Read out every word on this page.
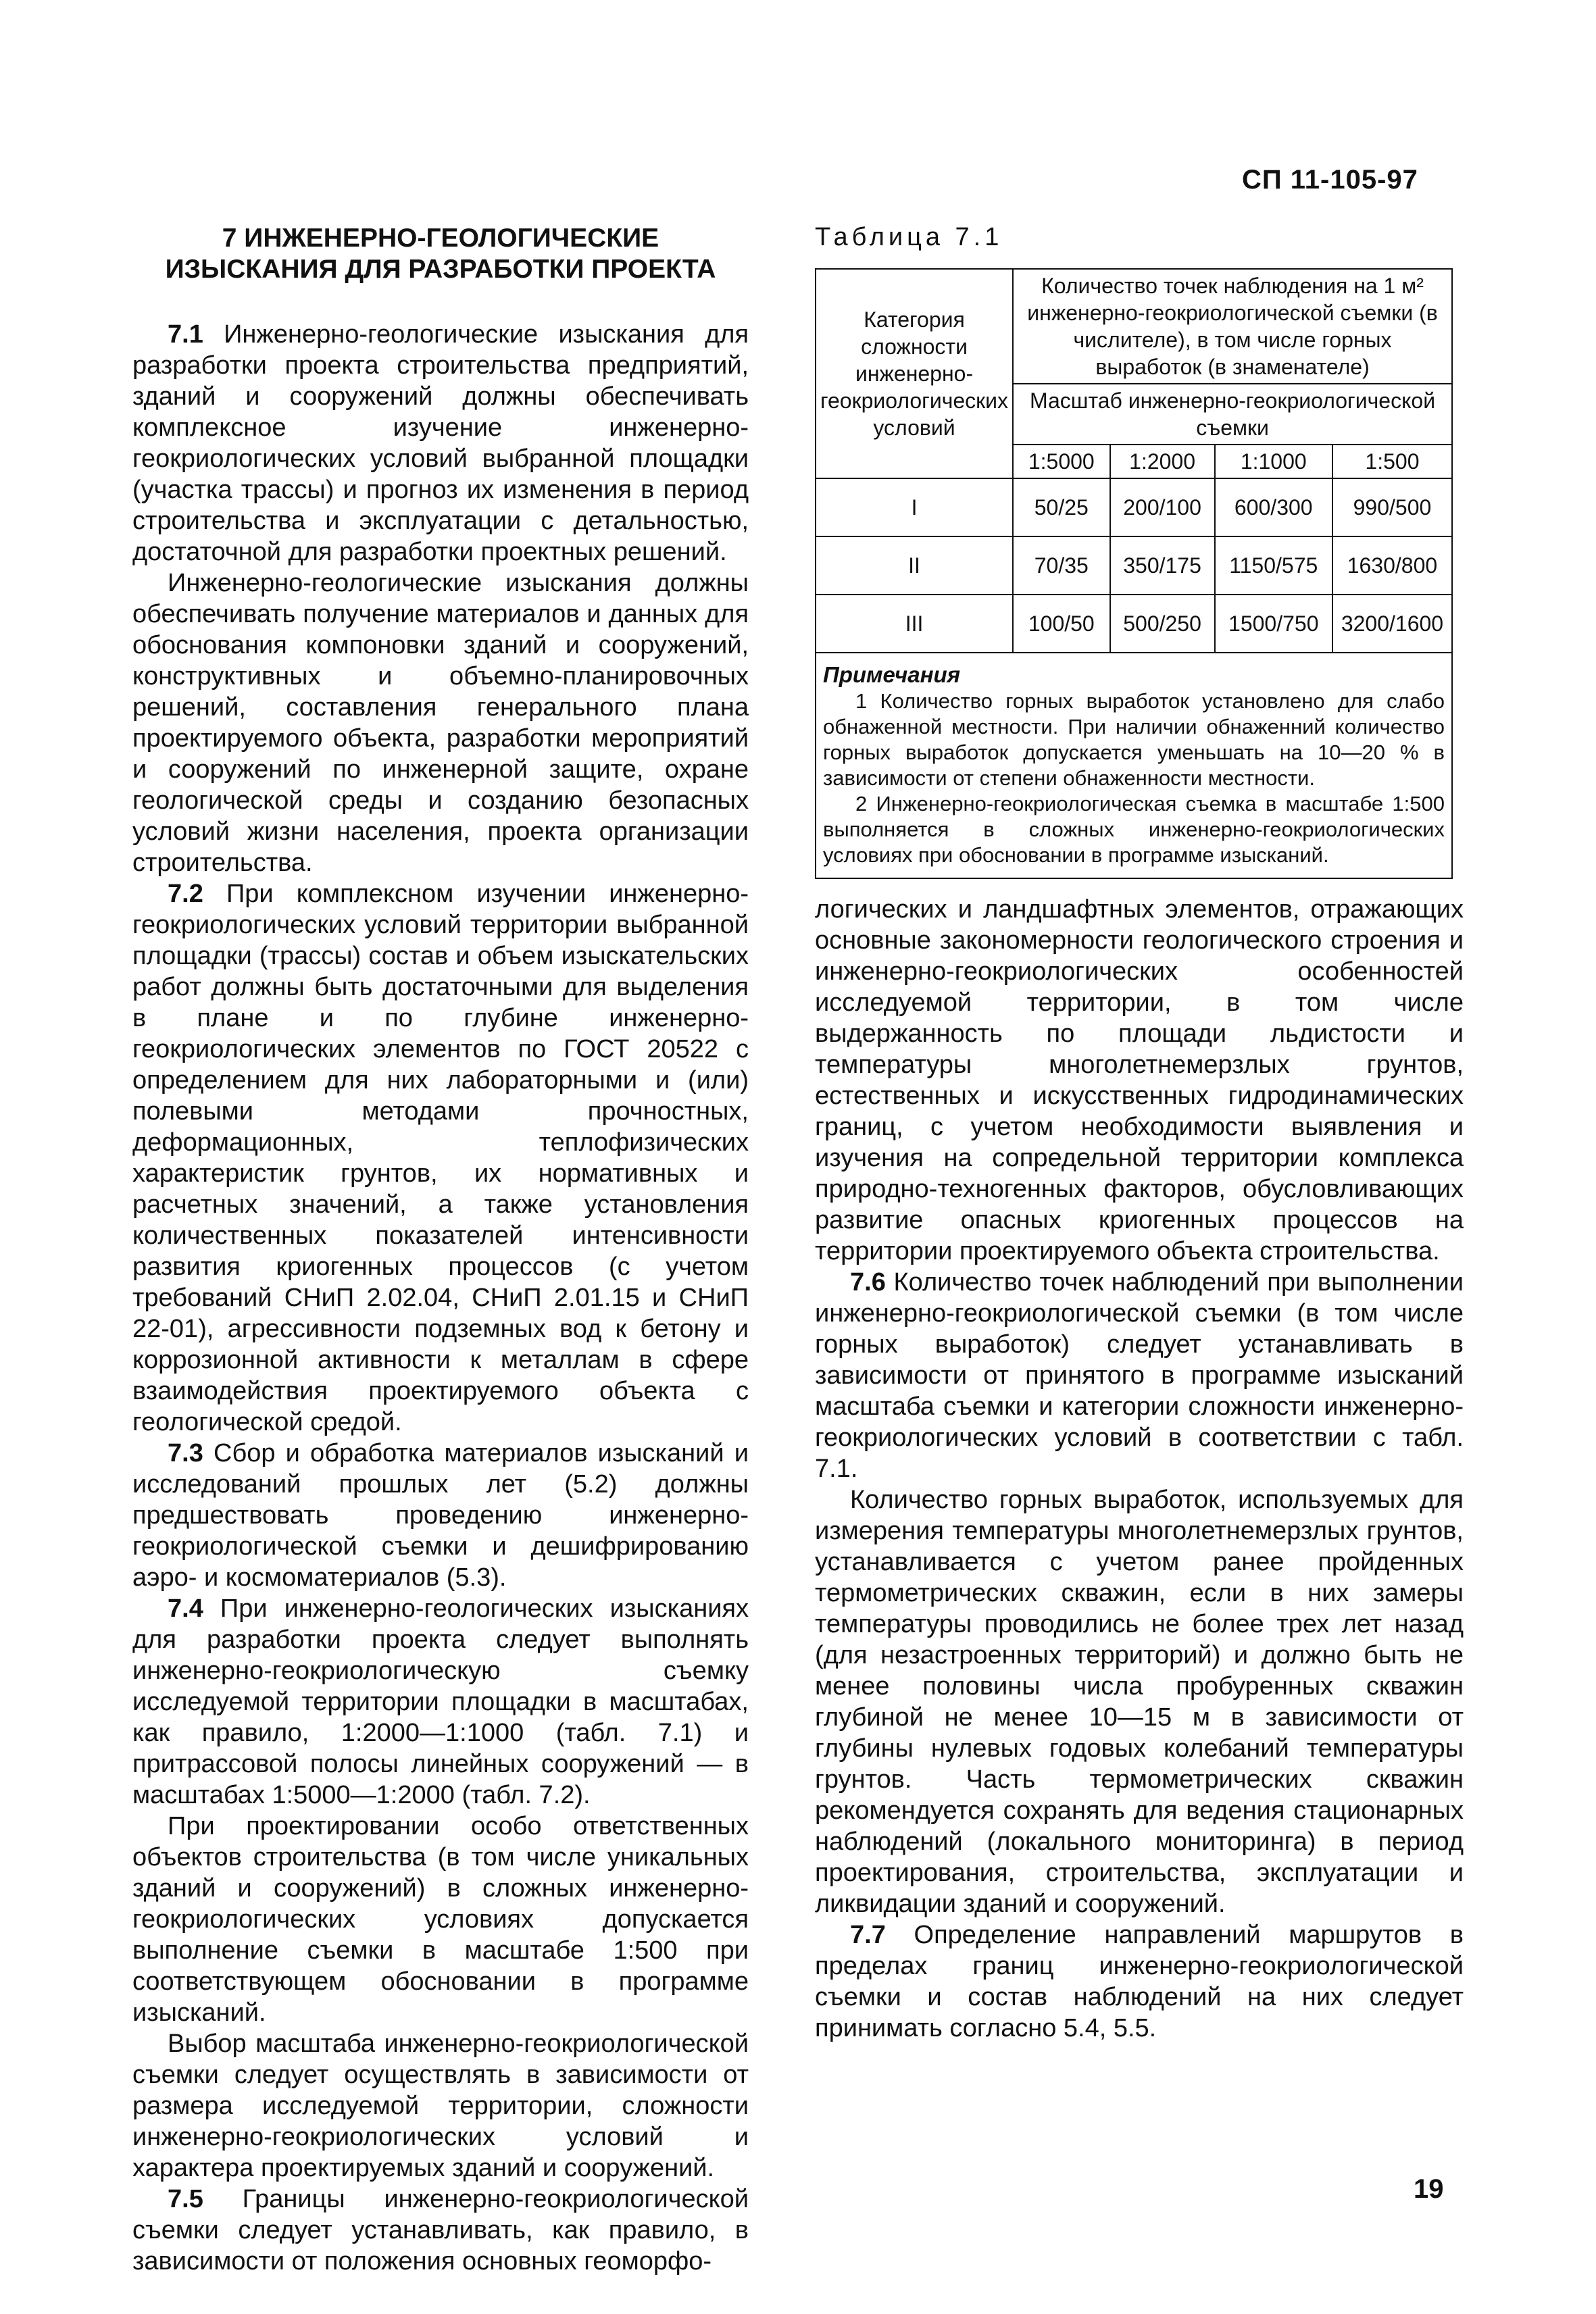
СП 11-105-97
7 ИНЖЕНЕРНО-ГЕОЛОГИЧЕСКИЕ
ИЗЫСКАНИЯ ДЛЯ РАЗРАБОТКИ ПРОЕКТА

7.1 Инженерно-геологические изыскания для разработки проекта строительства предприятий, зданий и сооружений должны обеспечивать комплексное изучение инженерно-геокриологических условий выбранной площадки (участка трассы) и прогноз их изменения в период строительства и эксплуатации с детальностью, достаточной для разработки проектных решений.

Инженерно-геологические изыскания должны обеспечивать получение материалов и данных для обоснования компоновки зданий и сооружений, конструктивных и объемно-планировочных решений, составления генерального плана проектируемого объекта, разработки мероприятий и сооружений по инженерной защите, охране геологической среды и созданию безопасных условий жизни населения, проекта организации строительства.

7.2 При комплексном изучении инженерно-геокриологических условий территории выбранной площадки (трассы) состав и объем изыскательских работ должны быть достаточными для выделения в плане и по глубине инженерно-геокриологических элементов по ГОСТ 20522 с определением для них лабораторными и (или) полевыми методами прочностных, деформационных, теплофизических характеристик грунтов, их нормативных и расчетных значений, а также установления количественных показателей интенсивности развития криогенных процессов (с учетом требований СНиП 2.02.04, СНиП 2.01.15 и СНиП 22-01), агрессивности подземных вод к бетону и коррозионной активности к металлам в сфере взаимодействия проектируемого объекта с геологической средой.

7.3 Сбор и обработка материалов изысканий и исследований прошлых лет (5.2) должны предшествовать проведению инженерно-геокриологической съемки и дешифрированию аэро- и космоматериалов (5.3).

7.4 При инженерно-геологических изысканиях для разработки проекта следует выполнять инженерно-геокриологическую съемку исследуемой территории площадки в масштабах, как правило, 1:2000—1:1000 (табл. 7.1) и притрассовой полосы линейных сооружений — в масштабах 1:5000—1:2000 (табл. 7.2).

При проектировании особо ответственных объектов строительства (в том числе уникальных зданий и сооружений) в сложных инженерно-геокриологических условиях допускается выполнение съемки в масштабе 1:500 при соответствующем обосновании в программе изысканий.

Выбор масштаба инженерно-геокриологической съемки следует осуществлять в зависимости от размера исследуемой территории, сложности инженерно-геокриологических условий и характера проектируемых зданий и сооружений.

7.5 Границы инженерно-геокриологической съемки следует устанавливать, как правило, в зависимости от положения основных геоморфо-

Таблица 7.1
Категория сложности инженерно-геокриологических условий	Количество точек наблюдения на 1 м² инженерно-геокриологической съемки (в числителе), в том числе горных выработок (в знаменателе)			
	Масштаб инженерно-геокриологической съемки			
	1:5000	1:2000	1:1000	1:500
I	50/25	200/100	600/300	990/500
II	70/35	350/175	1150/575	1630/800
III	100/50	500/250	1500/750	3200/1600

Примечания

1 Количество горных выработок установлено для слабо обнаженной местности. При наличии обнаженний количество горных выработок допускается уменьшать на 10—20 % в зависимости от степени обнаженности местности.

2 Инженерно-геокриологическая съемка в масштабе 1:500 выполняется в сложных инженерно-геокриологических условиях при обосновании в программе изысканий.				

логических и ландшафтных элементов, отражающих основные закономерности геологического строения и инженерно-геокриологических особенностей исследуемой территории, в том числе выдержанность по площади льдистости и температуры многолетнемерзлых грунтов, естественных и искусственных гидродинамических границ, с учетом необходимости выявления и изучения на сопредельной территории комплекса природно-техногенных факторов, обусловливающих развитие опасных криогенных процессов на территории проектируемого объекта строительства.

7.6 Количество точек наблюдений при выполнении инженерно-геокриологической съемки (в том числе горных выработок) следует устанавливать в зависимости от принятого в программе изысканий масштаба съемки и категории сложности инженерно-геокриологических условий в соответствии с табл. 7.1.

Количество горных выработок, используемых для измерения температуры многолетнемерзлых грунтов, устанавливается с учетом ранее пройденных термометрических скважин, если в них замеры температуры проводились не более трех лет назад (для незастроенных территорий) и должно быть не менее половины числа пробуренных скважин глубиной не менее 10—15 м в зависимости от глубины нулевых годовых колебаний температуры грунтов. Часть термометрических скважин рекомендуется сохранять для ведения стационарных наблюдений (локального мониторинга) в период проектирования, строительства, эксплуатации и ликвидации зданий и сооружений.

7.7 Определение направлений маршрутов в пределах границ инженерно-геокриологической съемки и состав наблюдений на них следует принимать согласно 5.4, 5.5.

19
